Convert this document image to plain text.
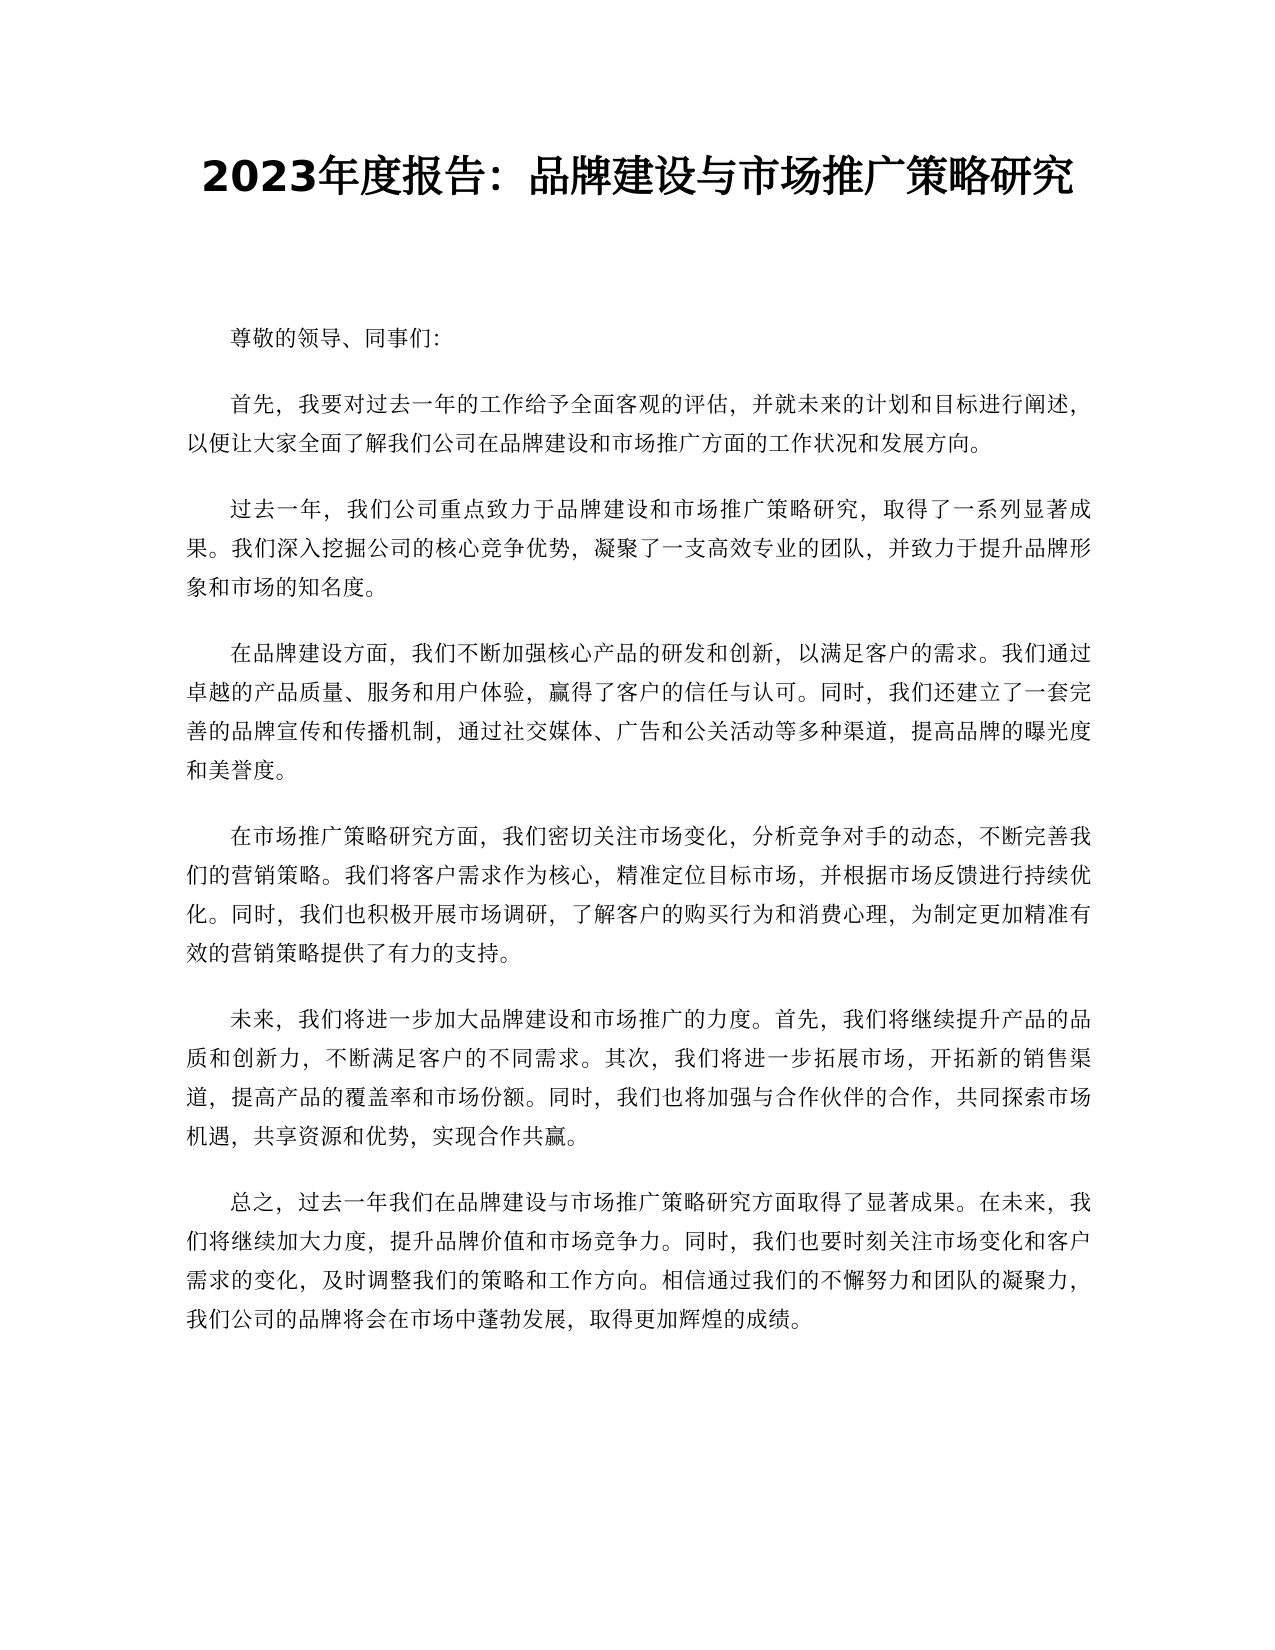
2023年度报告：品牌建设与市场推广策略研究

尊敬的领导、同事们：

首先，我要对过去一年的工作给予全面客观的评估，并就未来的计划和目标进行阐述，以便让大家全面了解我们公司在品牌建设和市场推广方面的工作状况和发展方向。

过去一年，我们公司重点致力于品牌建设和市场推广策略研究，取得了一系列显著成果。我们深入挖掘公司的核心竞争优势，凝聚了一支高效专业的团队，并致力于提升品牌形象和市场的知名度。

在品牌建设方面，我们不断加强核心产品的研发和创新，以满足客户的需求。我们通过卓越的产品质量、服务和用户体验，赢得了客户的信任与认可。同时，我们还建立了一套完善的品牌宣传和传播机制，通过社交媒体、广告和公关活动等多种渠道，提高品牌的曝光度和美誉度。

在市场推广策略研究方面，我们密切关注市场变化，分析竞争对手的动态，不断完善我们的营销策略。我们将客户需求作为核心，精准定位目标市场，并根据市场反馈进行持续优化。同时，我们也积极开展市场调研，了解客户的购买行为和消费心理，为制定更加精准有效的营销策略提供了有力的支持。

未来，我们将进一步加大品牌建设和市场推广的力度。首先，我们将继续提升产品的品质和创新力，不断满足客户的不同需求。其次，我们将进一步拓展市场，开拓新的销售渠道，提高产品的覆盖率和市场份额。同时，我们也将加强与合作伙伴的合作，共同探索市场机遇，共享资源和优势，实现合作共赢。

总之，过去一年我们在品牌建设与市场推广策略研究方面取得了显著成果。在未来，我们将继续加大力度，提升品牌价值和市场竞争力。同时，我们也要时刻关注市场变化和客户需求的变化，及时调整我们的策略和工作方向。相信通过我们的不懈努力和团队的凝聚力，我们公司的品牌将会在市场中蓬勃发展，取得更加辉煌的成绩。
